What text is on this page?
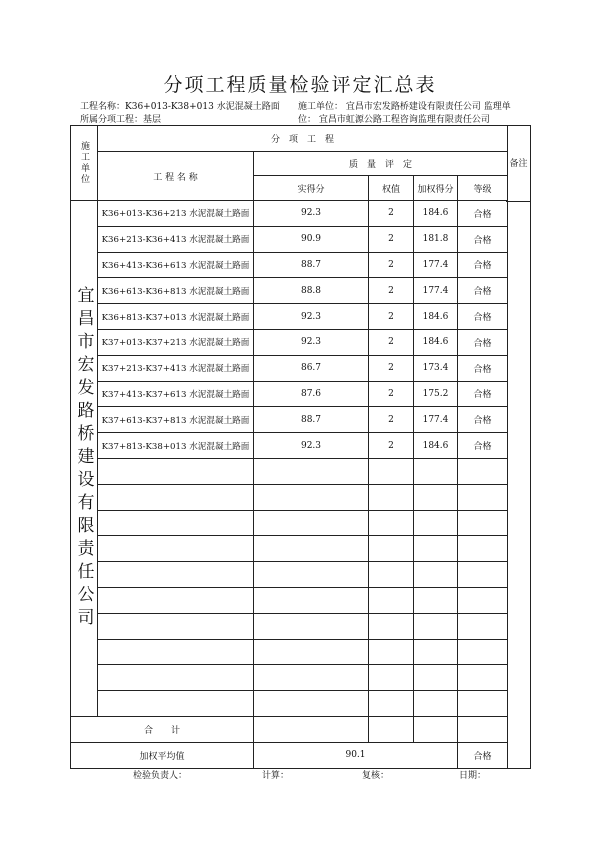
分项工程质量检验评定汇总表
工程名称：K36+013-K38+013 水泥混凝土路面 施工单位： 宜昌市宏发路桥建设有限责任公司 监理单
所属分项工程：基层	位： 宜昌市虹源公路工程咨询监理有限责任公司
施工单位	分　项　工　程			
	工 程 名 称	质　量　评　定			
		实得分	权值	加权得分	等级

宜昌市宏发路桥建设有限责任公司	K36+013-K36+213 水泥混凝土路面	92.3	2	184.6	合格
	K36+213-K36+413 水泥混凝土路面	90.9	2	181.8	合格
	K36+413-K36+613 水泥混凝土路面	88.7	2	177.4	合格
	K36+613-K36+813 水泥混凝土路面	88.8	2	177.4	合格
	K36+813-K37+013 水泥混凝土路面	92.3	2	184.6	合格
	K37+013-K37+213 水泥混凝土路面	92.3	2	184.6	合格
	K37+213-K37+413 水泥混凝土路面	86.7	2	173.4	合格
	K37+413-K37+613 水泥混凝土路面	87.6	2	175.2	合格
	K37+613-K37+813 水泥混凝土路面	88.7	2	177.4	合格
	K37+813-K38+013 水泥混凝土路面	92.3	2	184.6	合格

合　　计				
加权平均值		90.1			合格
备注
检验负责人：	计算：	复核：	日期：
